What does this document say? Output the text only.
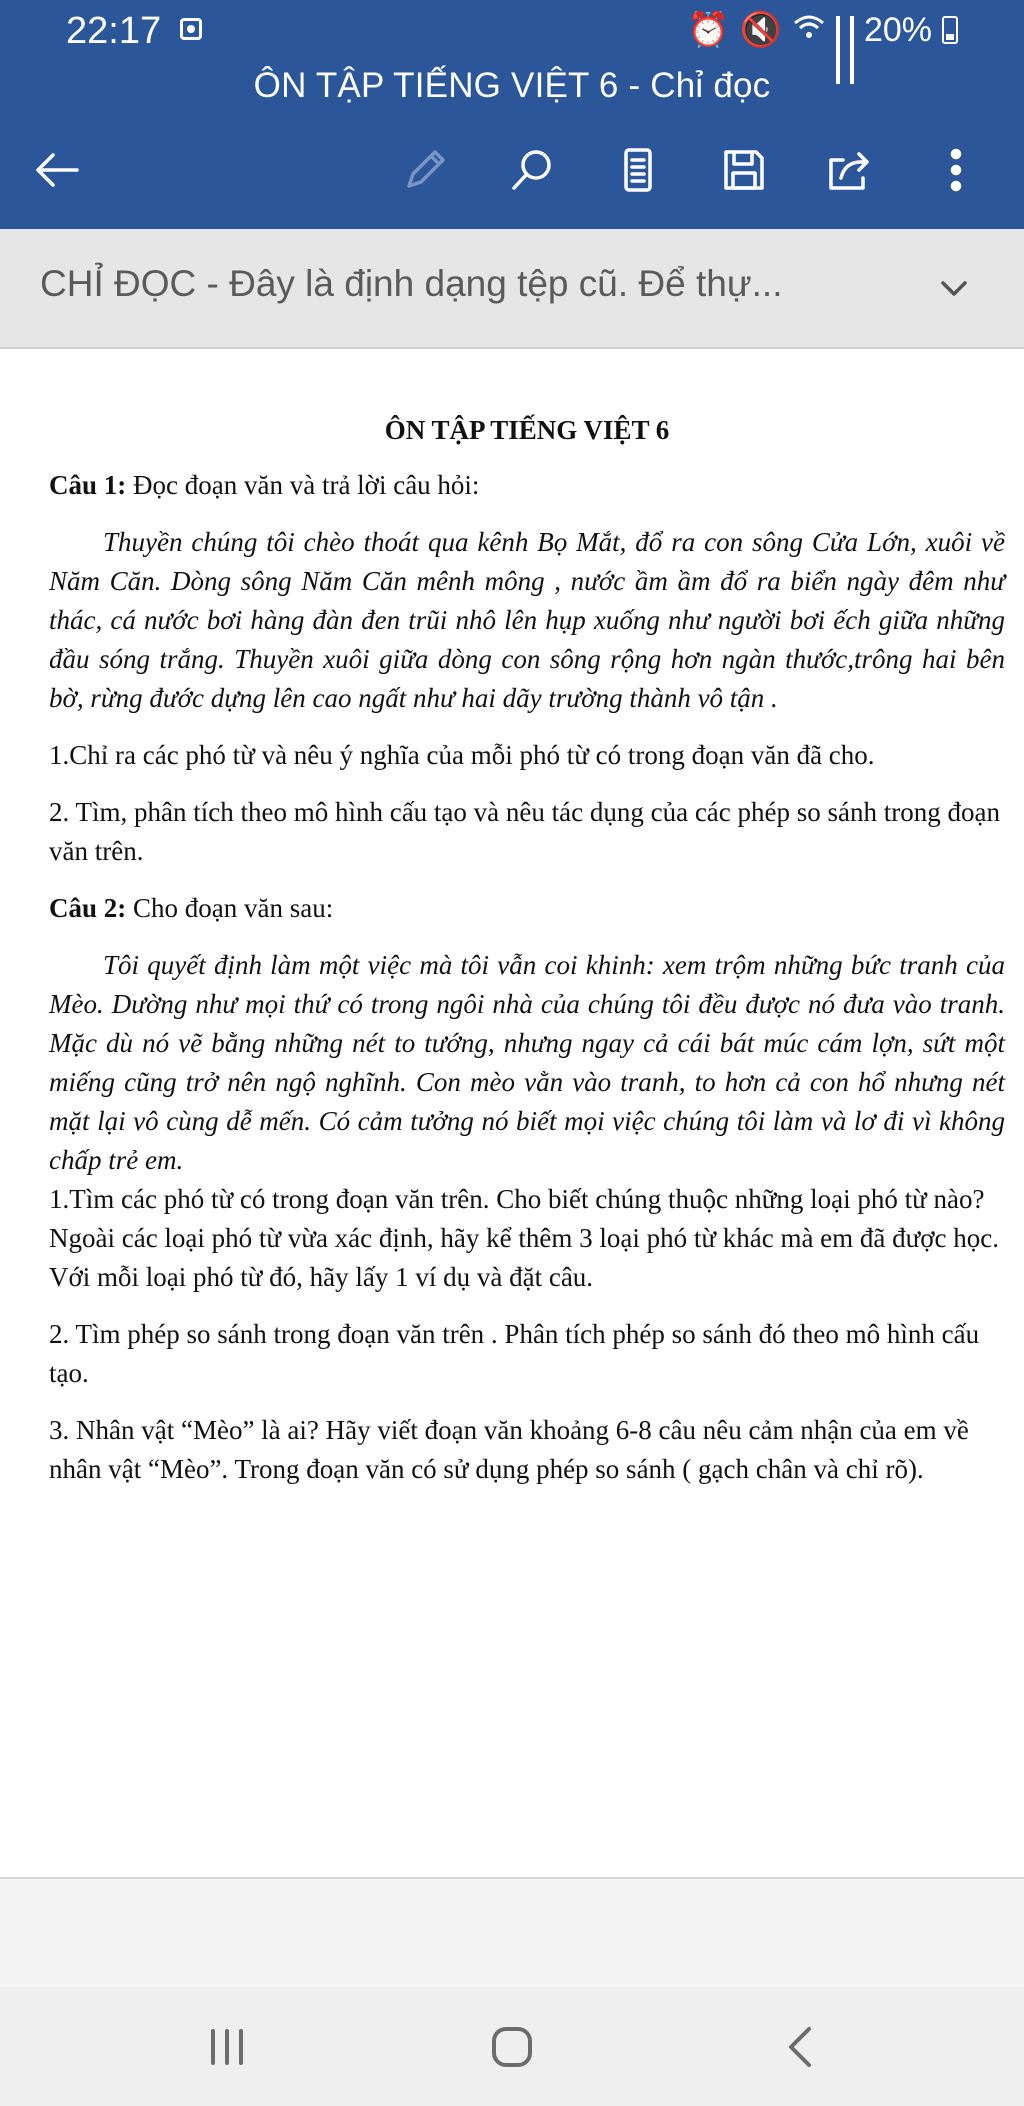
22:17	⏰ 🔇 20%
ÔN TẬP TIẾNG VIỆT 6 - Chỉ đọc
CHỈ ĐỌC - Đây là định dạng tệp cũ. Để thự...

ÔN TẬP TIẾNG VIỆT 6

Câu 1: Đọc đoạn văn và trả lời câu hỏi:

Thuyền chúng tôi chèo thoát qua kênh Bọ Mắt, đổ ra con sông Cửa Lớn, xuôi về Năm Căn. Dòng sông Năm Căn mênh mông , nước ầm ầm đổ ra biển ngày đêm như thác, cá nước bơi hàng đàn đen trũi nhô lên hụp xuống như người bơi ếch giữa những đầu sóng trắng. Thuyền xuôi giữa dòng con sông rộng hơn ngàn thước,trông hai bên bờ, rừng đước dựng lên cao ngất như hai dãy trường thành vô tận .

1.Chỉ ra các phó từ và nêu ý nghĩa của mỗi phó từ có trong đoạn văn đã cho.

2. Tìm, phân tích theo mô hình cấu tạo và nêu tác dụng của các phép so sánh trong đoạn văn trên.

Câu 2: Cho đoạn văn sau:

Tôi quyết định làm một việc mà tôi vẫn coi khinh: xem trộm những bức tranh của Mèo. Dường như mọi thứ có trong ngôi nhà của chúng tôi đều được nó đưa vào tranh. Mặc dù nó vẽ bằng những nét to tướng, nhưng ngay cả cái bát múc cám lợn, sứt một miếng cũng trở nên ngộ nghĩnh. Con mèo vằn vào tranh, to hơn cả con hổ nhưng nét mặt lại vô cùng dễ mến. Có cảm tưởng nó biết mọi việc chúng tôi làm và lơ đi vì không chấp trẻ em.

1.Tìm các phó từ có trong đoạn văn trên. Cho biết chúng thuộc những loại phó từ nào? Ngoài các loại phó từ vừa xác định, hãy kể thêm 3 loại phó từ khác mà em đã được học. Với mỗi loại phó từ đó, hãy lấy 1 ví dụ và đặt câu.

2. Tìm phép so sánh trong đoạn văn trên . Phân tích phép so sánh đó theo mô hình cấu tạo.

3. Nhân vật “Mèo” là ai? Hãy viết đoạn văn khoảng 6-8 câu nêu cảm nhận của em về nhân vật “Mèo”. Trong đoạn văn có sử dụng phép so sánh ( gạch chân và chỉ rõ).
